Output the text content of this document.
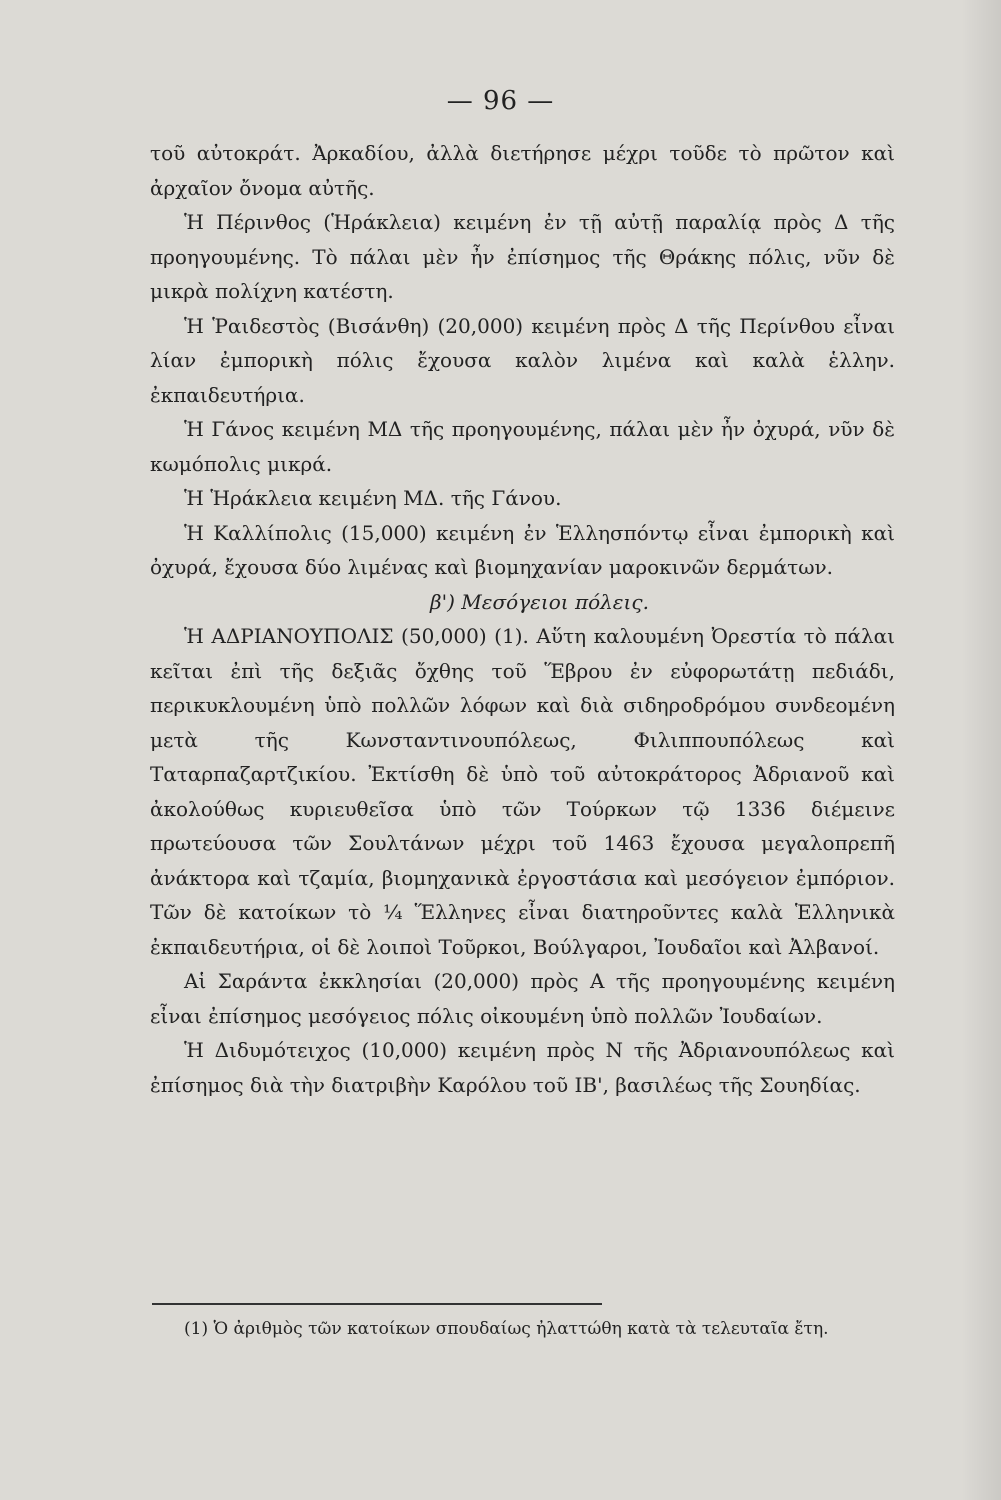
— 96 —

τοῦ αὐτοκράτ. Ἀρκαδίου, ἀλλὰ διετήρησε μέχρι τοῦδε τὸ πρῶτον καὶ ἀρχαῖον ὄνομα αὐτῆς.

Ἡ Πέρινθος (Ἡράκλεια) κειμένη ἐν τῇ αὐτῇ παραλίᾳ πρὸς Δ τῆς προηγουμένης. Τὸ πάλαι μὲν ἦν ἐπίσημος τῆς Θράκης πόλις, νῦν δὲ μικρὰ πολίχνη κατέστη.

Ἡ Ῥαιδεστὸς (Βισάνθη) (20,000) κειμένη πρὸς Δ τῆς Περίνθου εἶναι λίαν ἐμπορικὴ πόλις ἔχουσα καλὸν λιμένα καὶ καλὰ ἑλλην. ἐκπαιδευτήρια.

Ἡ Γάνος κειμένη ΜΔ τῆς προηγουμένης, πάλαι μὲν ἦν ὀχυρά, νῦν δὲ κωμόπολις μικρά.

Ἡ Ἡράκλεια κειμένη ΜΔ. τῆς Γάνου.

Ἡ Καλλίπολις (15,000) κειμένη ἐν Ἑλλησπόντῳ εἶναι ἐμπορικὴ καὶ ὀχυρά, ἔχουσα δύο λιμένας καὶ βιομηχανίαν μαροκινῶν δερμάτων.

β') Μεσόγειοι πόλεις.

Ἡ ΑΔΡΙΑΝΟΥΠΟΛΙΣ (50,000) (1). Αὕτη καλουμένη Ὀρεστία τὸ πάλαι κεῖται ἐπὶ τῆς δεξιᾶς ὄχθης τοῦ Ἕβρου ἐν εὐφορωτάτῃ πεδιάδι, περικυκλουμένη ὑπὸ πολλῶν λόφων καὶ διὰ σιδηροδρόμου συνδεομένη μετὰ τῆς Κωνσταντινουπόλεως, Φιλιππουπόλεως καὶ Ταταρπαζαρτζικίου. Ἐκτίσθη δὲ ὑπὸ τοῦ αὐτοκράτορος Ἀδριανοῦ καὶ ἀκολούθως κυριευθεῖσα ὑπὸ τῶν Τούρκων τῷ 1336 διέμεινε πρωτεύουσα τῶν Σουλτάνων μέχρι τοῦ 1463 ἔχουσα μεγαλοπρεπῆ ἀνάκτορα καὶ τζαμία, βιομηχανικὰ ἐργοστάσια καὶ μεσόγειον ἐμπόριον. Τῶν δὲ κατοίκων τὸ ¼ Ἕλληνες εἶναι διατηροῦντες καλὰ Ἑλληνικὰ ἐκπαιδευτήρια, οἱ δὲ λοιποὶ Τοῦρκοι, Βούλγαροι, Ἰουδαῖοι καὶ Ἀλβανοί.

Αἱ Σαράντα ἐκκλησίαι (20,000) πρὸς Α τῆς προηγουμένης κειμένη εἶναι ἐπίσημος μεσόγειος πόλις οἰκουμένη ὑπὸ πολλῶν Ἰουδαίων.

Ἡ Διδυμότειχος (10,000) κειμένη πρὸς Ν τῆς Ἀδριανουπόλεως καὶ ἐπίσημος διὰ τὴν διατριβὴν Καρόλου τοῦ ΙΒ', βασιλέως τῆς Σουηδίας.

(1) Ὁ ἀριθμὸς τῶν κατοίκων σπουδαίως ἠλαττώθη κατὰ τὰ τελευταῖα ἔτη.
